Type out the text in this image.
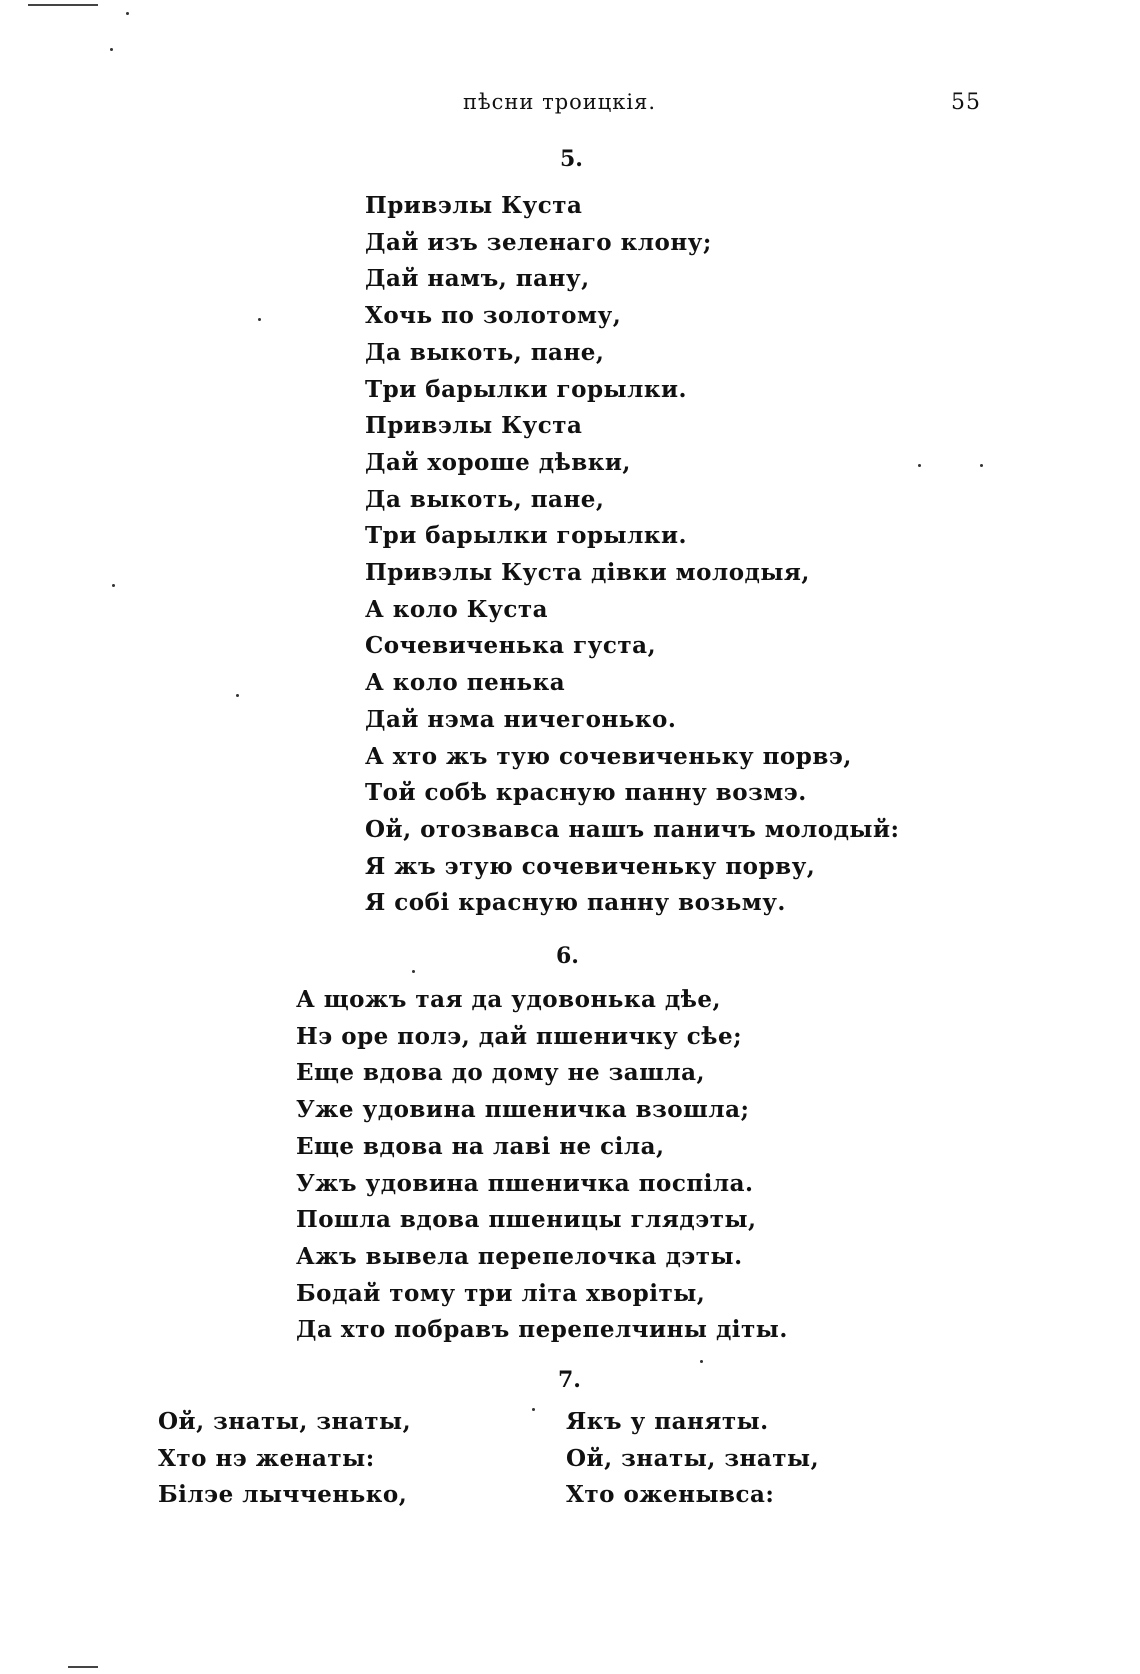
пѣсни троицкія.	55
5.
Привэлы Куста
Дай изъ зеленаго клону;
Дай намъ, пану,
Хочь по золотому,
Да выкоть, пане,
Три барылки горылки.
Привэлы Куста
Дай хороше дѣвки,
Да выкоть, пане,
Три барылки горылки.
Привэлы Куста дівки молодыя,
А коло Куста
Сочевиченька густа,
А коло пенька
Дай нэма ничегонько.
А хто жъ тую сочевиченьку порвэ,
Той собѣ красную панну возмэ.
Ой, отозвавса нашъ паничъ молодый:
Я жъ этую сочевиченьку порву,
Я собі красную панну возьму.
6.
А щожъ тая да удовонька дѣе,
Нэ оре полэ, дай пшеничку сѣе;
Еще вдова до дому не зашла,
Уже удовина пшеничка взошла;
Еще вдова на лаві не сіла,
Ужъ удовина пшеничка поспіла.
Пошла вдова пшеницы глядэты,
Ажъ вывела перепелочка дэты.
Бодай тому три літа хворіты,
Да хто побравъ перепелчины діты.
7.
Ой, знаты, знаты,
Хто нэ женаты:
Білэе лычченько,
Якъ у паняты.
Ой, знаты, знаты,
Хто оженывса:
